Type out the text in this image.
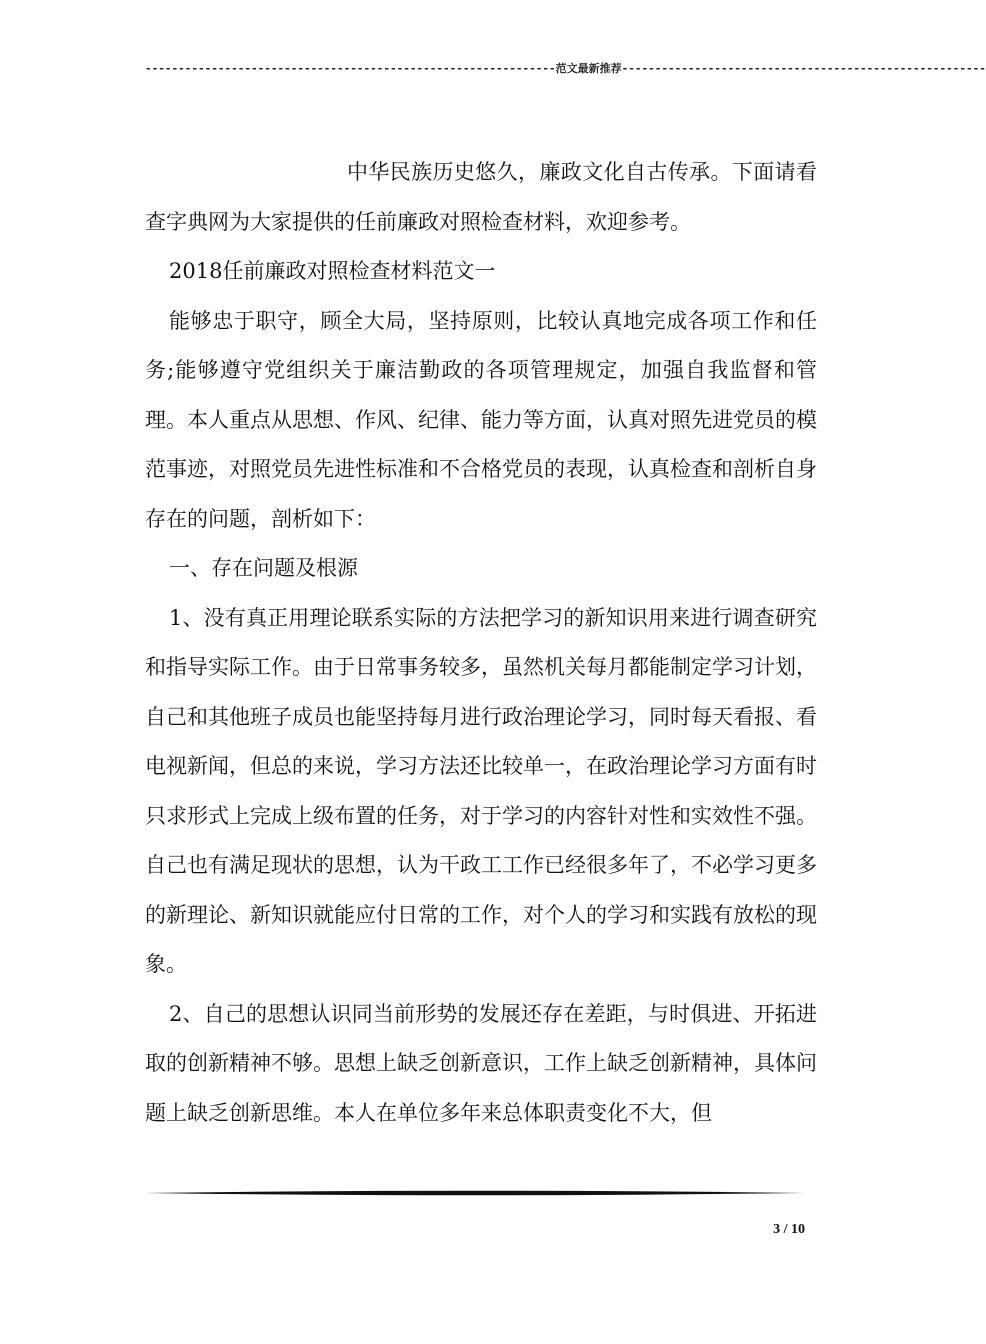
--------------------------------------------------------------范文最新推荐-------------------------------------------------------

中华民族历史悠久，廉政文化自古传承。下面请看查字典网为大家提供的任前廉政对照检查材料，欢迎参考。

2018任前廉政对照检查材料范文一

能够忠于职守，顾全大局，坚持原则，比较认真地完成各项工作和任务;能够遵守党组织关于廉洁勤政的各项管理规定，加强自我监督和管理。本人重点从思想、作风、纪律、能力等方面，认真对照先进党员的模范事迹，对照党员先进性标准和不合格党员的表现，认真检查和剖析自身存在的问题，剖析如下：

一、存在问题及根源

1、没有真正用理论联系实际的方法把学习的新知识用来进行调查研究和指导实际工作。由于日常事务较多，虽然机关每月都能制定学习计划，自己和其他班子成员也能坚持每月进行政治理论学习，同时每天看报、看电视新闻，但总的来说，学习方法还比较单一，在政治理论学习方面有时只求形式上完成上级布置的任务，对于学习的内容针对性和实效性不强。自己也有满足现状的思想，认为干政工工作已经很多年了，不必学习更多的新理论、新知识就能应付日常的工作，对个人的学习和实践有放松的现象。

2、自己的思想认识同当前形势的发展还存在差距，与时俱进、开拓进取的创新精神不够。思想上缺乏创新意识，工作上缺乏创新精神，具体问题上缺乏创新思维。本人在单位多年来总体职责变化不大，但

3 / 10
